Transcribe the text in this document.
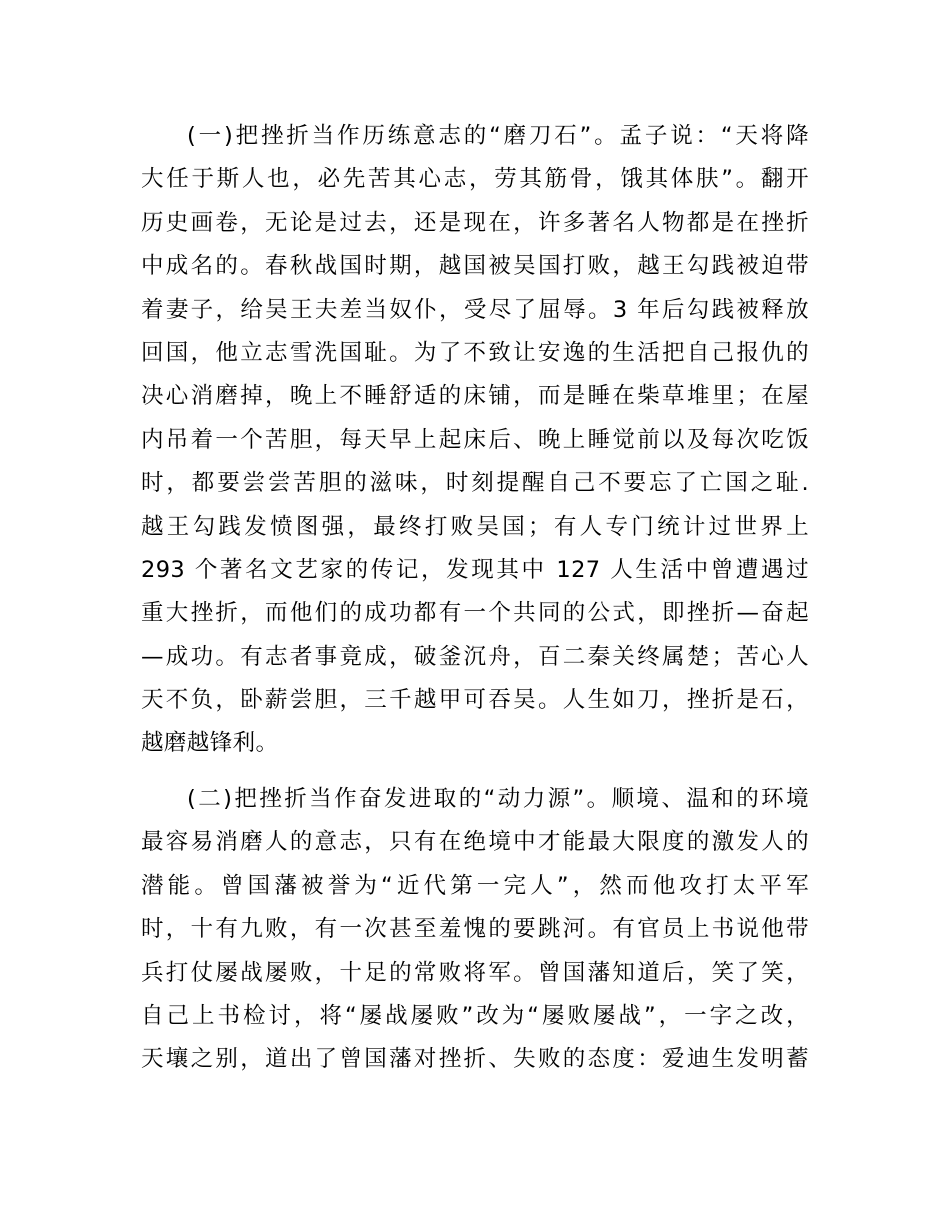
(一)把挫折当作历练意志的“磨刀石”。孟子说：“天将降
大任于斯人也，必先苦其心志，劳其筋骨，饿其体肤”。翻开
历史画卷，无论是过去，还是现在，许多著名人物都是在挫折
中成名的。春秋战国时期，越国被吴国打败，越王勾践被迫带
着妻子，给吴王夫差当奴仆，受尽了屈辱。3 年后勾践被释放
回国，他立志雪洗国耻。为了不致让安逸的生活把自己报仇的
决心消磨掉，晚上不睡舒适的床铺，而是睡在柴草堆里；在屋
内吊着一个苦胆，每天早上起床后、晚上睡觉前以及每次吃饭
时，都要尝尝苦胆的滋味，时刻提醒自己不要忘了亡国之耻.
越王勾践发愤图强，最终打败吴国；有人专门统计过世界上
293 个著名文艺家的传记，发现其中 127 人生活中曾遭遇过
重大挫折，而他们的成功都有一个共同的公式，即挫折—奋起
—成功。有志者事竟成，破釜沉舟，百二秦关终属楚；苦心人
天不负，卧薪尝胆，三千越甲可吞吴。人生如刀，挫折是石，
越磨越锋利。
(二)把挫折当作奋发进取的“动力源”。顺境、温和的环境
最容易消磨人的意志，只有在绝境中才能最大限度的激发人的
潜能。曾国藩被誉为“近代第一完人”，然而他攻打太平军
时，十有九败，有一次甚至羞愧的要跳河。有官员上书说他带
兵打仗屡战屡败，十足的常败将军。曾国藩知道后，笑了笑，
自己上书检讨，将“屡战屡败”改为“屡败屡战”，一字之改，
天壤之别，道出了曾国藩对挫折、失败的态度：爱迪生发明蓄
